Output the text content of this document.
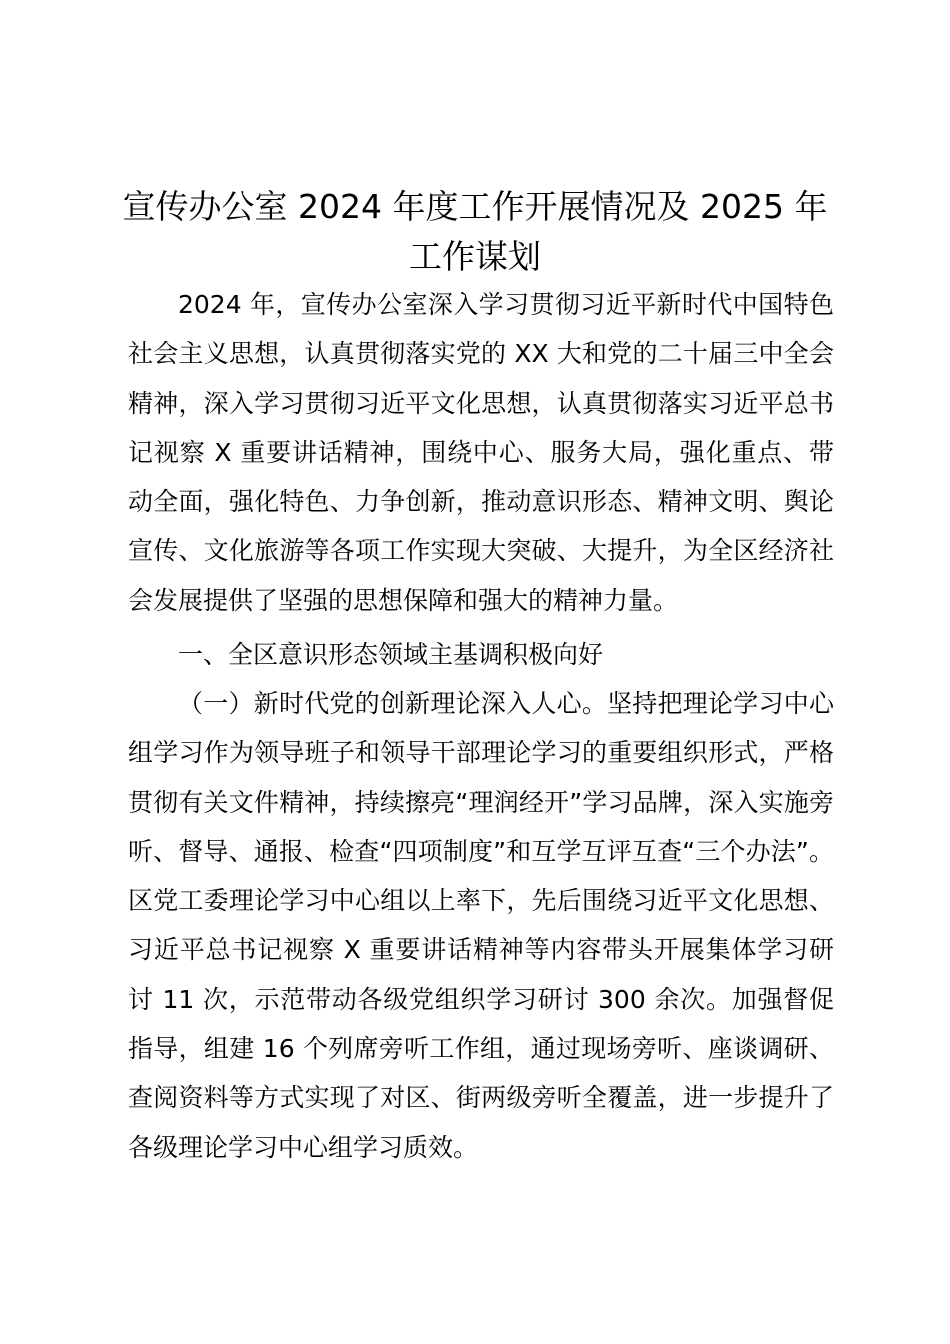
宣传办公室 2024 年度工作开展情况及 2025 年工作谋划
2024 年，宣传办公室深入学习贯彻习近平新时代中国特色社会主义思想，认真贯彻落实党的 XX 大和党的二十届三中全会精神，深入学习贯彻习近平文化思想，认真贯彻落实习近平总书记视察 X 重要讲话精神，围绕中心、服务大局，强化重点、带动全面，强化特色、力争创新，推动意识形态、精神文明、舆论宣传、文化旅游等各项工作实现大突破、大提升，为全区经济社会发展提供了坚强的思想保障和强大的精神力量。
一、全区意识形态领域主基调积极向好
（一）新时代党的创新理论深入人心。坚持把理论学习中心组学习作为领导班子和领导干部理论学习的重要组织形式，严格贯彻有关文件精神，持续擦亮“理润经开”学习品牌，深入实施旁听、督导、通报、检查“四项制度”和互学互评互查“三个办法”。区党工委理论学习中心组以上率下，先后围绕习近平文化思想、习近平总书记视察 X 重要讲话精神等内容带头开展集体学习研讨 11 次，示范带动各级党组织学习研讨 300 余次。加强督促指导，组建 16 个列席旁听工作组，通过现场旁听、座谈调研、查阅资料等方式实现了对区、街两级旁听全覆盖，进一步提升了各级理论学习中心组学习质效。
